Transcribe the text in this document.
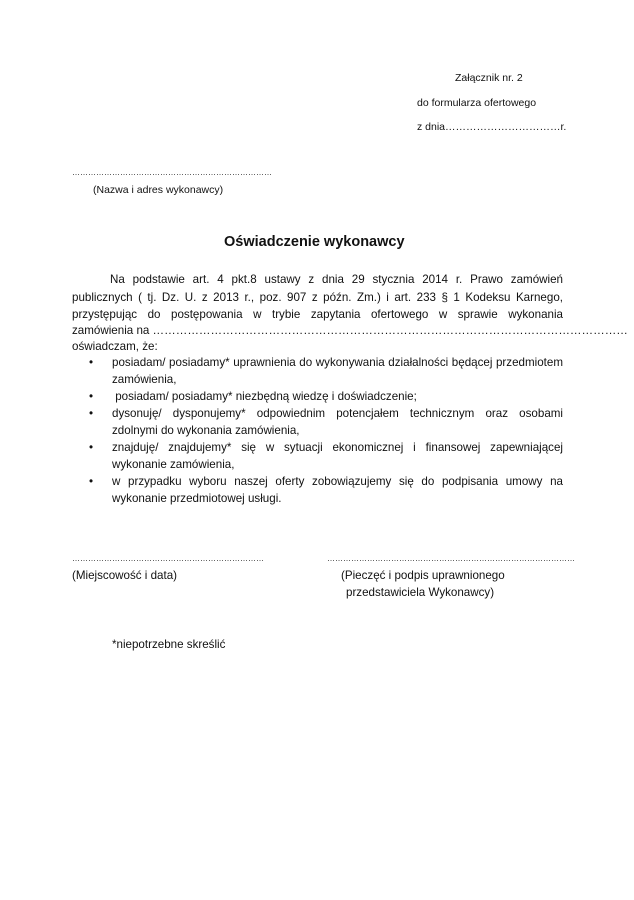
Załącznik nr. 2
do formularza ofertowego
z dnia……………………………r.
…………………………………………………………………
(Nazwa i adres wykonawcy)
Oświadczenie wykonawcy
Na podstawie art. 4 pkt.8 ustawy z dnia 29 stycznia 2014 r. Prawo zamówień
publicznych ( tj. Dz. U. z 2013 r., poz. 907 z późn. Zm.) i art. 233 § 1 Kodeksu Karnego,
przystępując do postępowania w trybie zapytania ofertowego w sprawie wykonania
zamówienia na ……………………………………………………………………………………………………………
oświadczam, że:
• posiadam/ posiadamy* uprawnienia do wykonywania działalności będącej przedmiotem zamówienia,
• posiadam/ posiadamy* niezbędną wiedzę i doświadczenie;
• dysonuję/ dysponujemy* odpowiednim potencjałem technicznym oraz osobami zdolnymi do wykonania zamówienia,
• znajduję/ znajdujemy* się w sytuacji ekonomicznej i finansowej zapewniającej wykonanie zamówienia,
• w przypadku wyboru naszej oferty zobowiązujemy się do podpisania umowy na wykonanie przedmiotowej usługi.
………………………………………………………………
(Miejscowość i data)
…………………………………………………………………………………
(Pieczęć i podpis uprawnionego
przedstawiciela Wykonawcy)
*niepotrzebne skreślić
